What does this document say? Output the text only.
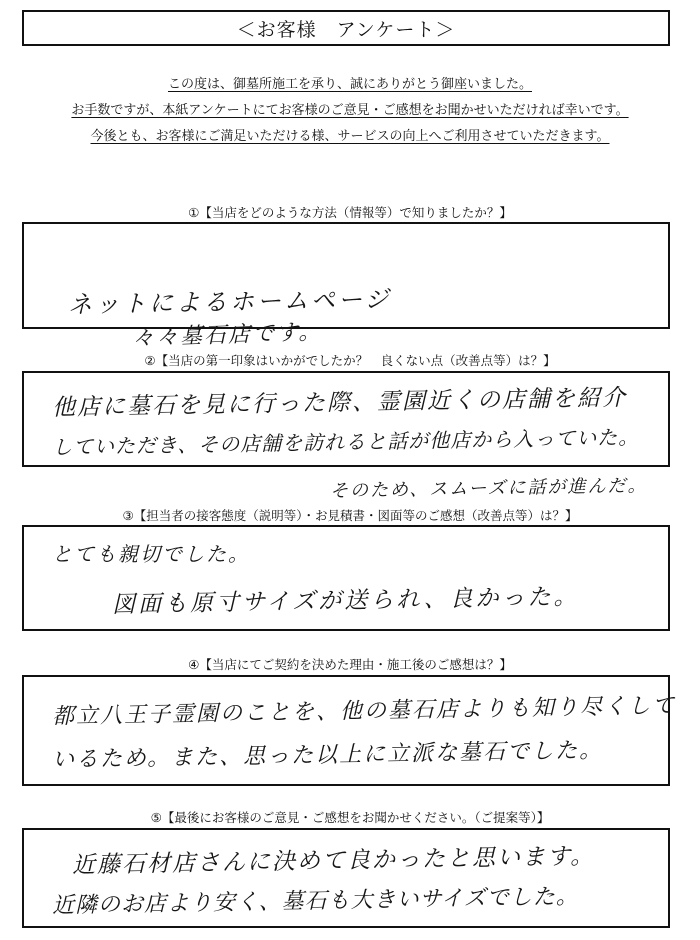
＜お客様　アンケート＞

この度は、御墓所施工を承り、誠にありがとう御座いました。

お手数ですが、本紙アンケートにてお客様のご意見・ご感想をお聞かせいただければ幸いです。

今後とも、お客様にご満足いただける様、サービスの向上へご利用させていただきます。

①【当店をどのような方法（情報等）で知りましたか？】
ネットによるホームページ
々々墓石店です。
②【当店の第一印象はいかがでしたか？　良くない点（改善点等）は？】
他店に墓石を見に行った際、霊園近くの店舗を紹介
していただき、その店舗を訪れると話が他店から入っていた。
そのため、スムーズに話が進んだ。
③【担当者の接客態度（説明等）・お見積書・図面等のご感想（改善点等）は？】
とても親切でした。
図面も原寸サイズが送られ、良かった。
④【当店にてご契約を決めた理由・施工後のご感想は？】
都立八王子霊園のことを、他の墓石店よりも知り尽くして
いるため。また、思った以上に立派な墓石でした。
⑤【最後にお客様のご意見・ご感想をお聞かせください。（ご提案等）】
近藤石材店さんに決めて良かったと思います。
近隣のお店より安く、墓石も大きいサイズでした。
